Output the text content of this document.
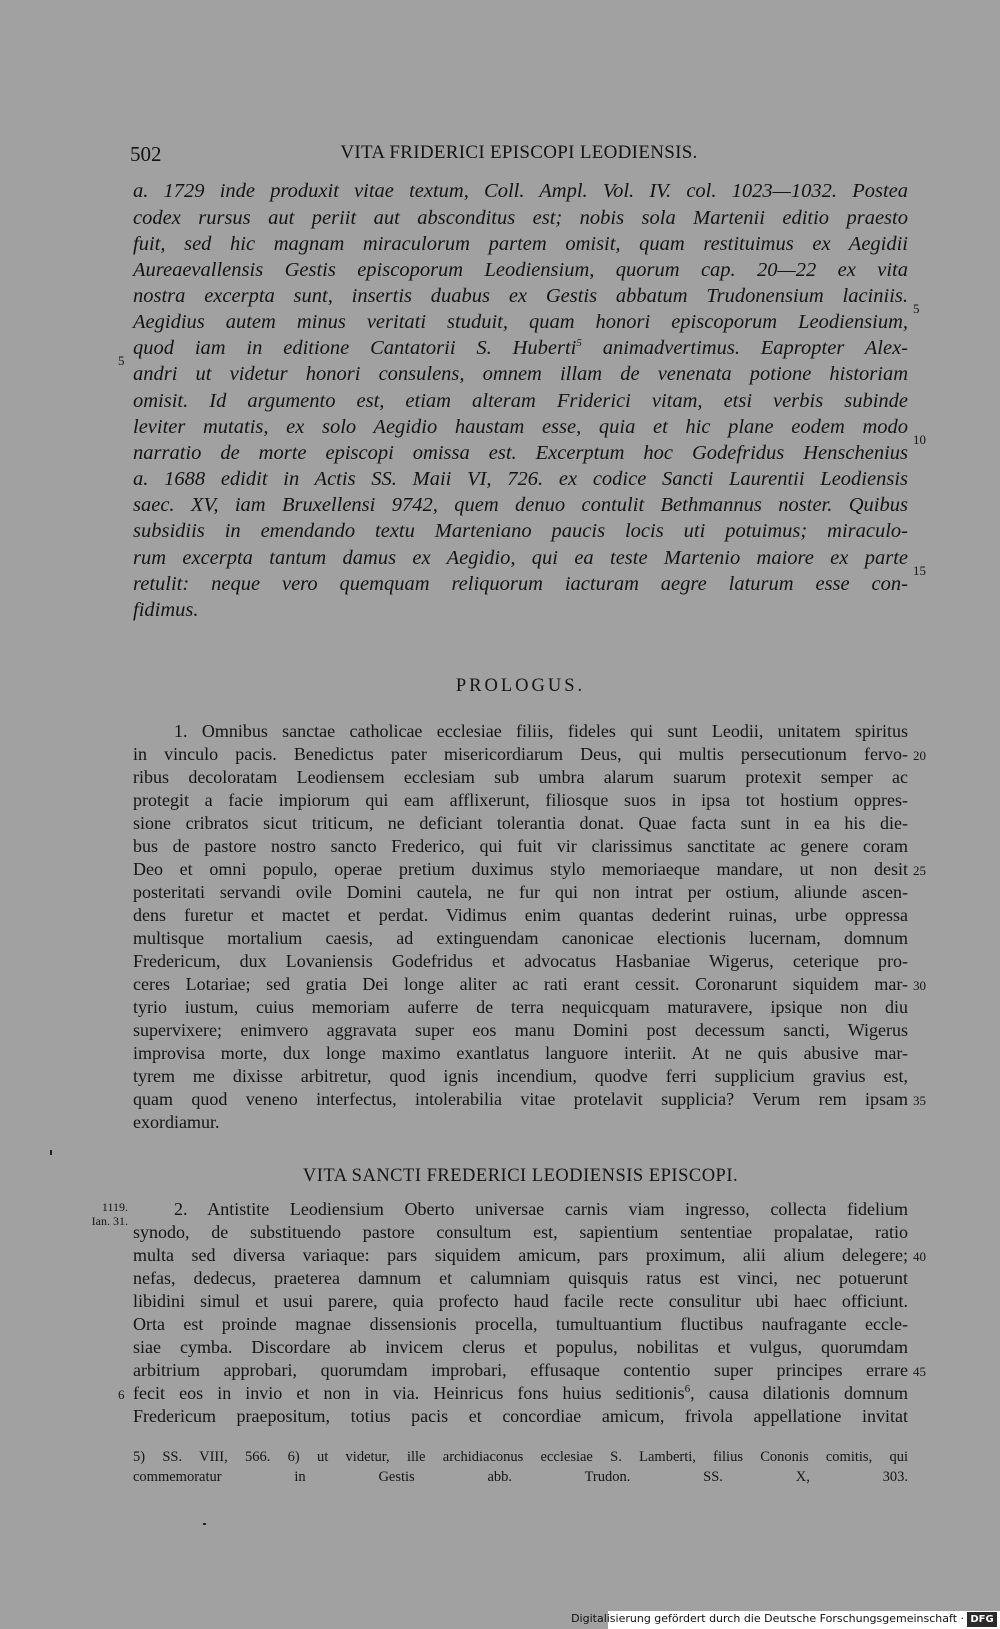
502	VITA FRIDERICI EPISCOPI LEODIENSIS.
a. 1729 inde produxit vitae textum, Coll. Ampl. Vol. IV. col. 1023—1032. Postea
codex rursus aut periit aut absconditus est; nobis sola Martenii editio praesto
fuit, sed hic magnam miraculorum partem omisit, quam restituimus ex Aegidii
Aureaevallensis Gestis episcoporum Leodiensium, quorum cap. 20—22 ex vita
nostra excerpta sunt, insertis duabus ex Gestis abbatum Trudonensium laciniis.
Aegidius autem minus veritati studuit, quam honori episcoporum Leodiensium,
quod iam in editione Cantatorii S. Huberti$^5$ animadvertimus. Eapropter Alex-
andri ut videtur honori consulens, omnem illam de venenata potione historiam
omisit. Id argumento est, etiam alteram Friderici vitam, etsi verbis subinde
leviter mutatis, ex solo Aegidio haustam esse, quia et hic plane eodem modo
narratio de morte episcopi omissa est. Excerptum hoc Godefridus Henschenius
a. 1688 edidit in Actis SS. Maii VI, 726. ex codice Sancti Laurentii Leodiensis
saec. XV, iam Bruxellensi 9742, quem denuo contulit Bethmannus noster. Quibus
subsidiis in emendando textu Marteniano paucis locis uti potuimus; miraculo-
rum excerpta tantum damus ex Aegidio, qui ea teste Martenio maiore ex parte
retulit: neque vero quemquam reliquorum iacturam aegre laturum esse con-
fidimus.
PROLOGUS.
1. Omnibus sanctae catholicae ecclesiae filiis, fideles qui sunt Leodii, unitatem spiritus
in vinculo pacis. Benedictus pater misericordiarum Deus, qui multis persecutionum fervo-
ribus decoloratam Leodiensem ecclesiam sub umbra alarum suarum protexit semper ac
protegit a facie impiorum qui eam afflixerunt, filiosque suos in ipsa tot hostium oppres-
sione cribratos sicut triticum, ne deficiant tolerantia donat. Quae facta sunt in ea his die-
bus de pastore nostro sancto Frederico, qui fuit vir clarissimus sanctitate ac genere coram
Deo et omni populo, operae pretium duximus stylo memoriaeque mandare, ut non desit
posteritati servandi ovile Domini cautela, ne fur qui non intrat per ostium, aliunde ascen-
dens furetur et mactet et perdat. Vidimus enim quantas dederint ruinas, urbe oppressa
multisque mortalium caesis, ad extinguendam canonicae electionis lucernam, domnum
Fredericum, dux Lovaniensis Godefridus et advocatus Hasbaniae Wigerus, ceterique pro-
ceres Lotariae; sed gratia Dei longe aliter ac rati erant cessit. Coronarunt siquidem mar-
tyrio iustum, cuius memoriam auferre de terra nequicquam maturavere, ipsique non diu
supervixere; enimvero aggravata super eos manu Domini post decessum sancti, Wigerus
improvisa morte, dux longe maximo exantlatus languore interiit. At ne quis abusive mar-
tyrem me dixisse arbitretur, quod ignis incendium, quodve ferri supplicium gravius est,
quam quod veneno interfectus, intolerabilia vitae protelavit supplicia? Verum rem ipsam
exordiamur.
VITA SANCTI FREDERICI LEODIENSIS EPISCOPI.
1119.
Ian. 31.
2. Antistite Leodiensium Oberto universae carnis viam ingresso, collecta fidelium
synodo, de substituendo pastore consultum est, sapientium sententiae propalatae, ratio
multa sed diversa variaque: pars siquidem amicum, pars proximum, alii alium delegere;
nefas, dedecus, praeterea damnum et calumniam quisquis ratus est vinci, nec potuerunt
libidini simul et usui parere, quia profecto haud facile recte consulitur ubi haec officiunt.
Orta est proinde magnae dissensionis procella, tumultuantium fluctibus naufragante eccle-
siae cymba. Discordare ab invicem clerus et populus, nobilitas et vulgus, quorumdam
arbitrium approbari, quorumdam improbari, effusaque contentio super principes errare
fecit eos in invio et non in via. Heinricus fons huius seditionis$^6$, causa dilationis domnum
Fredericum praepositum, totius pacis et concordiae amicum, frivola appellatione invitat
5
10
15
20
25
30
35
40
45
5
6
5) SS. VIII, 566. 6) ut videtur, ille archidiaconus ecclesiae S. Lamberti, filius Cononis comitis, qui
commemoratur in Gestis abb. Trudon. SS. X, 303.
Digitalisierung gefördert durch die Deutsche Forschungsgemeinschaft · DFG
